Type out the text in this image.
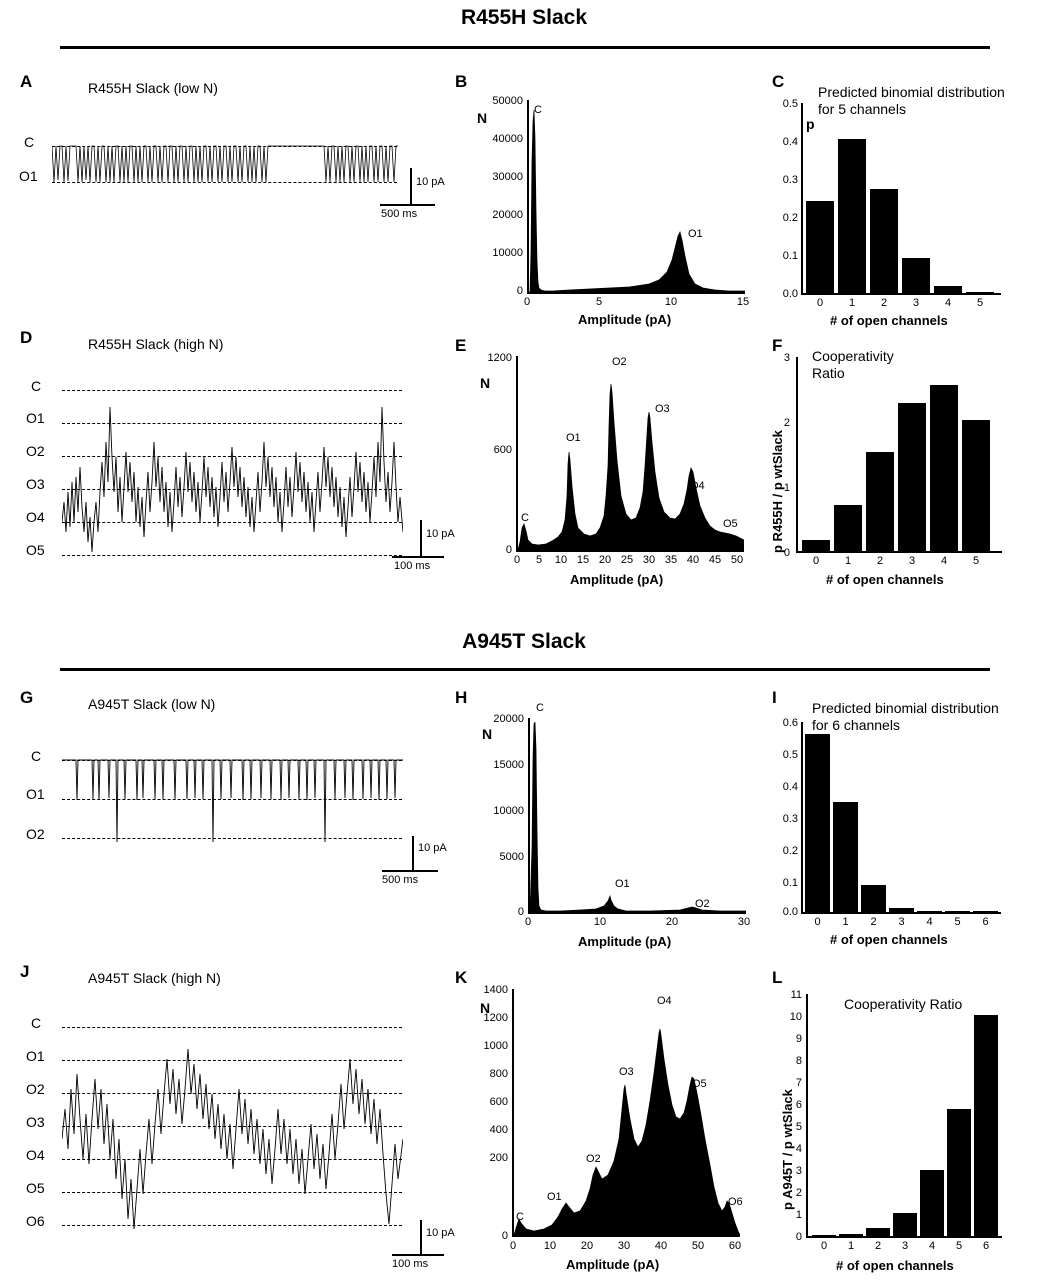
R455H Slack
A	R455H Slack (low N)
C
O1	10 pA
500 ms
B
N	C
O1
50000
40000
30000
20000
10000
0
0	5	10	15
Amplitude (pA)
C
Predicted binomial distribution for 5 channels
p
0.5
0.4
0.3
0.2
0.1
0.0
0	1	2	3	4	5
# of open channels
D	R455H Slack (high N)
C
O1
O2
O3
O4
O5
10 pA
100 ms
E
N
1200
600
0
C
O1
O2
O3
O4
O5
0	5	10 15 20 25 30 35 40 45 50
Amplitude (pA)
F
Cooperativity Ratio
3
2
1
0
p R455H / p wtSlack
0	1	2	3	4	5
# of open channels
A945T Slack
G	A945T Slack (low N)
C
O1
O2
10 pA
500 ms
H
N
C
O1
O2
20000
15000
10000
5000
0
0	10	20	30
Amplitude (pA)
I
Predicted binomial distribution for 6 channels
0.6
0.5
0.4
0.3
0.2
0.1
0.0
0	1	2	3	4	5	6
# of open channels
J	A945T Slack (high N)
C
O1
O2
O3
O4
O5
O6
10 pA
100 ms
K
N
1400
1200
1000
800
600
400
200
0
C
O1
O2
O3
O4
O5
O6
0	10	20	30	40	50	60
Amplitude (pA)
L
Cooperativity Ratio
11
10
9
8
7
6
5
4
3
2
1
0
p A945T / p wtSlack
0	1	2	3	4	5	6
# of open channels
